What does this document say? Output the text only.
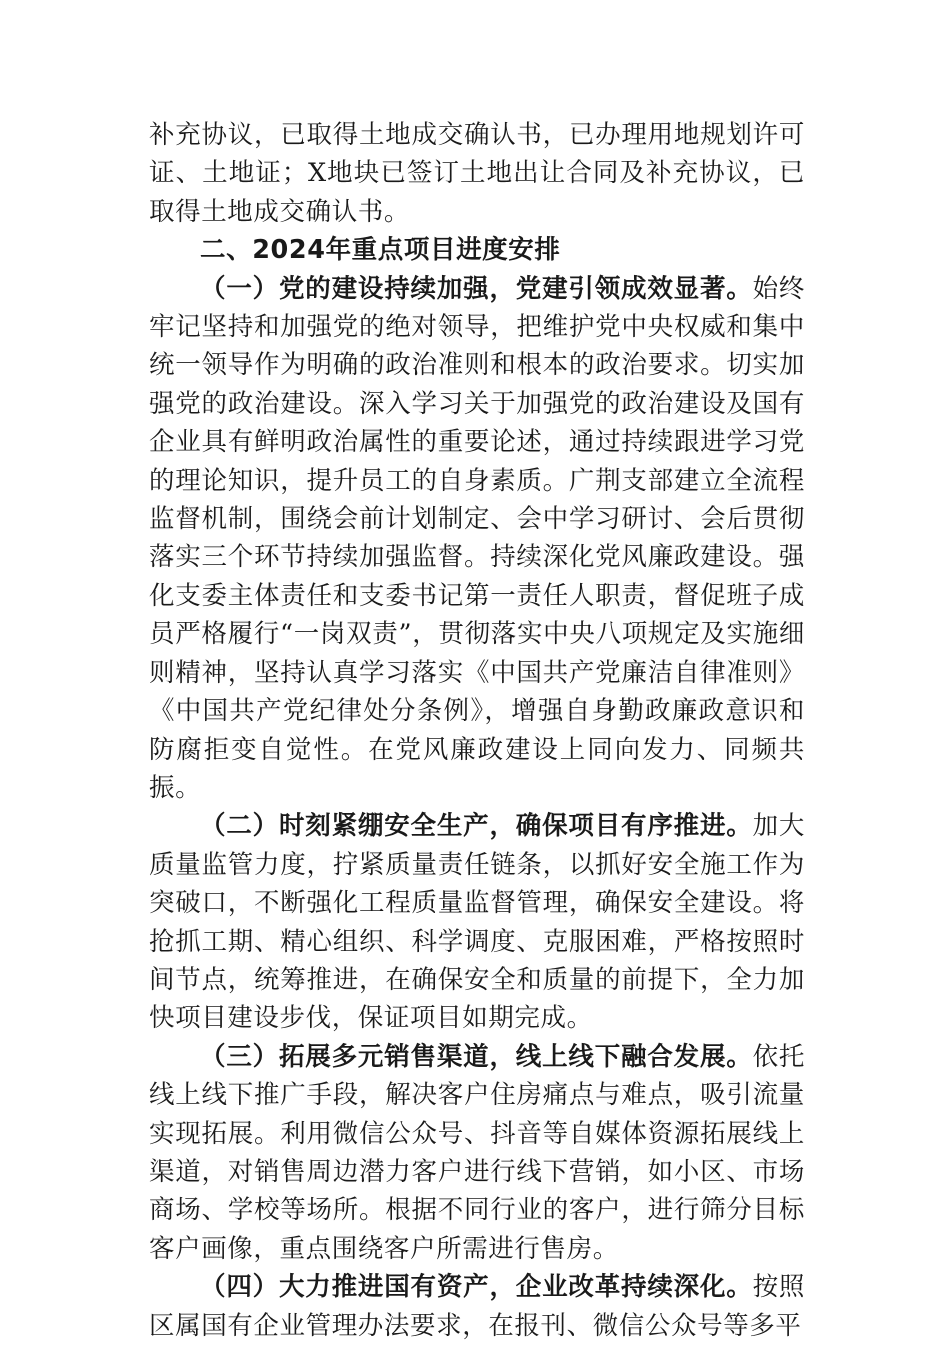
补充协议，已取得土地成交确认书，已办理用地规划许可证、土地证；X地块已签订土地出让合同及补充协议，已取得土地成交确认书。

二、2024年重点项目进度安排

（一）党的建设持续加强，党建引领成效显著。始终牢记坚持和加强党的绝对领导，把维护党中央权威和集中统一领导作为明确的政治准则和根本的政治要求。切实加强党的政治建设。深入学习关于加强党的政治建设及国有企业具有鲜明政治属性的重要论述，通过持续跟进学习党的理论知识，提升员工的自身素质。广荆支部建立全流程监督机制，围绕会前计划制定、会中学习研讨、会后贯彻落实三个环节持续加强监督。持续深化党风廉政建设。强化支委主体责任和支委书记第一责任人职责，督促班子成员严格履行“一岗双责”，贯彻落实中央八项规定及实施细则精神，坚持认真学习落实《中国共产党廉洁自律准则》《中国共产党纪律处分条例》，增强自身勤政廉政意识和防腐拒变自觉性。在党风廉政建设上同向发力、同频共振。

（二）时刻紧绷安全生产，确保项目有序推进。加大质量监管力度，拧紧质量责任链条，以抓好安全施工作为突破口，不断强化工程质量监督管理，确保安全建设。将抢抓工期、精心组织、科学调度、克服困难，严格按照时间节点，统筹推进，在确保安全和质量的前提下，全力加快项目建设步伐，保证项目如期完成。

（三）拓展多元销售渠道，线上线下融合发展。依托线上线下推广手段，解决客户住房痛点与难点，吸引流量实现拓展。利用微信公众号、抖音等自媒体资源拓展线上渠道，对销售周边潜力客户进行线下营销，如小区、市场商场、学校等场所。根据不同行业的客户，进行筛分目标客户画像，重点围绕客户所需进行售房。

（四）大力推进国有资产，企业改革持续深化。按照区属国有企业管理办法要求，在报刊、微信公众号等多平
